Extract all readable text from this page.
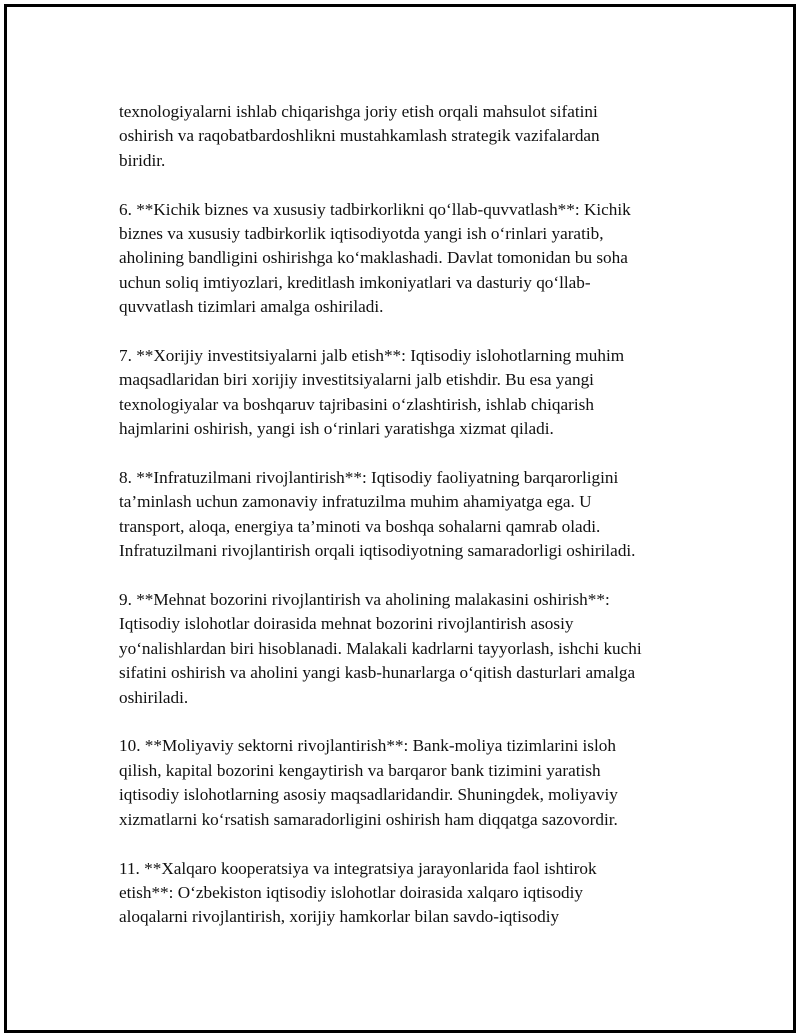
texnologiyalarni ishlab chiqarishga joriy etish orqali mahsulot sifatini
oshirish va raqobatbardoshlikni mustahkamlash strategik vazifalardan
biridir.

6. **Kichik biznes va xususiy tadbirkorlikni qo‘llab-quvvatlash**: Kichik
biznes va xususiy tadbirkorlik iqtisodiyotda yangi ish o‘rinlari yaratib,
aholining bandligini oshirishga ko‘maklashadi. Davlat tomonidan bu soha
uchun soliq imtiyozlari, kreditlash imkoniyatlari va dasturiy qo‘llab-
quvvatlash tizimlari amalga oshiriladi.

7. **Xorijiy investitsiyalarni jalb etish**: Iqtisodiy islohotlarning muhim
maqsadlaridan biri xorijiy investitsiyalarni jalb etishdir. Bu esa yangi
texnologiyalar va boshqaruv tajribasini o‘zlashtirish, ishlab chiqarish
hajmlarini oshirish, yangi ish o‘rinlari yaratishga xizmat qiladi.

8. **Infratuzilmani rivojlantirish**: Iqtisodiy faoliyatning barqarorligini
ta’minlash uchun zamonaviy infratuzilma muhim ahamiyatga ega. U
transport, aloqa, energiya ta’minoti va boshqa sohalarni qamrab oladi.
Infratuzilmani rivojlantirish orqali iqtisodiyotning samaradorligi oshiriladi.

9. **Mehnat bozorini rivojlantirish va aholining malakasini oshirish**:
Iqtisodiy islohotlar doirasida mehnat bozorini rivojlantirish asosiy
yo‘nalishlardan biri hisoblanadi. Malakali kadrlarni tayyorlash, ishchi kuchi
sifatini oshirish va aholini yangi kasb-hunarlarga o‘qitish dasturlari amalga
oshiriladi.

10. **Moliyaviy sektorni rivojlantirish**: Bank-moliya tizimlarini isloh
qilish, kapital bozorini kengaytirish va barqaror bank tizimini yaratish
iqtisodiy islohotlarning asosiy maqsadlaridandir. Shuningdek, moliyaviy
xizmatlarni ko‘rsatish samaradorligini oshirish ham diqqatga sazovordir.

11. **Xalqaro kooperatsiya va integratsiya jarayonlarida faol ishtirok
etish**: O‘zbekiston iqtisodiy islohotlar doirasida xalqaro iqtisodiy
aloqalarni rivojlantirish, xorijiy hamkorlar bilan savdo-iqtisodiy
